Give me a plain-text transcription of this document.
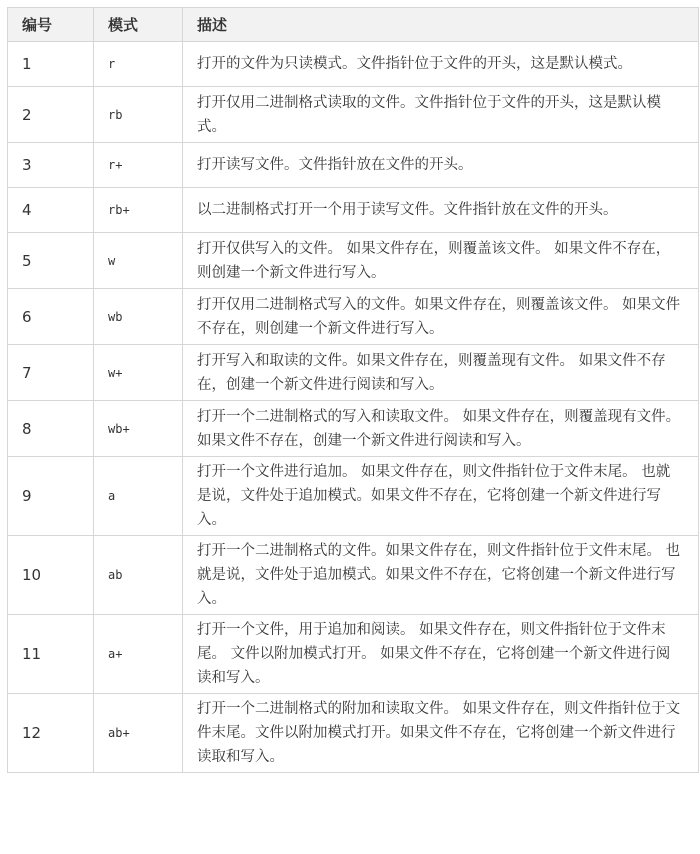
编号	模式	描述
1	r	打开的文件为只读模式。文件指针位于文件的开头，这是默认模式。
2	rb	打开仅用二进制格式读取的文件。文件指针位于文件的开头，这是默认模式。
3	r+	打开读写文件。文件指针放在文件的开头。
4	rb+	以二进制格式打开一个用于读写文件。文件指针放在文件的开头。
5	w	打开仅供写入的文件。 如果文件存在，则覆盖该文件。 如果文件不存在，则创建一个新文件进行写入。
6	wb	打开仅用二进制格式写入的文件。如果文件存在，则覆盖该文件。 如果文件不存在，则创建一个新文件进行写入。
7	w+	打开写入和取读的文件。如果文件存在，则覆盖现有文件。 如果文件不存在，创建一个新文件进行阅读和写入。
8	wb+	打开一个二进制格式的写入和读取文件。 如果文件存在，则覆盖现有文件。 如果文件不存在，创建一个新文件进行阅读和写入。
9	a	打开一个文件进行追加。 如果文件存在，则文件指针位于文件末尾。 也就是说，文件处于追加模式。如果文件不存在，它将创建一个新文件进行写入。
10	ab	打开一个二进制格式的文件。如果文件存在，则文件指针位于文件末尾。 也就是说，文件处于追加模式。如果文件不存在，它将创建一个新文件进行写入。
11	a+	打开一个文件，用于追加和阅读。 如果文件存在，则文件指针位于文件末尾。 文件以附加模式打开。 如果文件不存在，它将创建一个新文件进行阅读和写入。
12	ab+	打开一个二进制格式的附加和读取文件。 如果文件存在，则文件指针位于文件末尾。文件以附加模式打开。如果文件不存在，它将创建一个新文件进行读取和写入。
